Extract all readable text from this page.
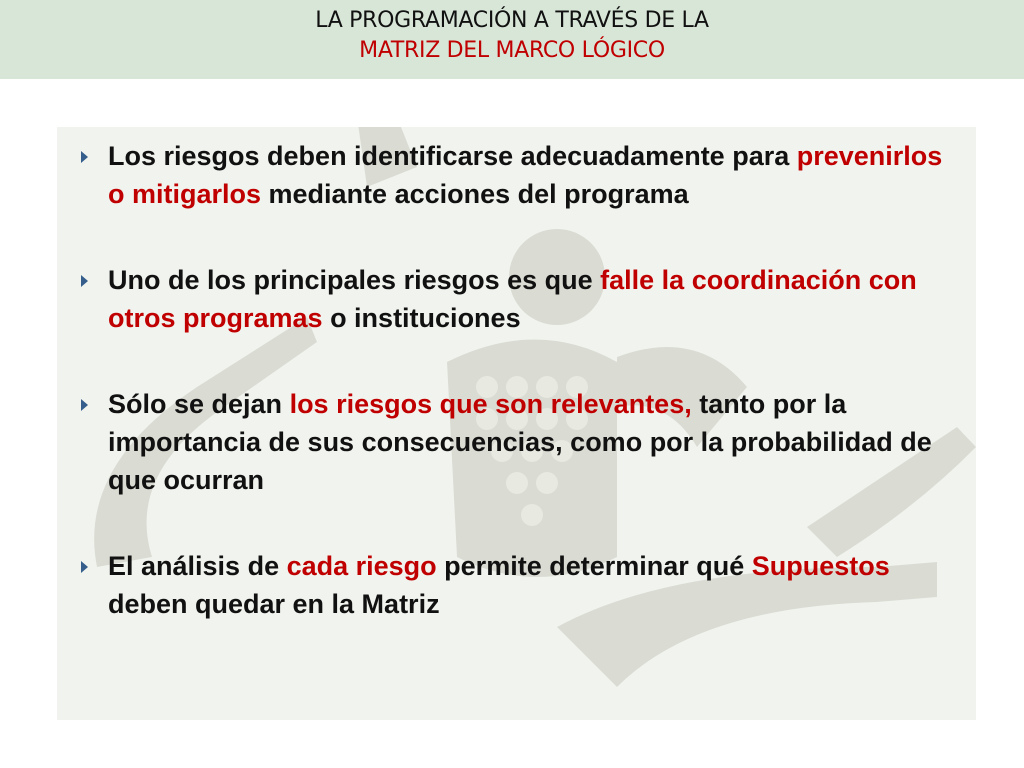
LA PROGRAMACIÓN A TRAVÉS DE LA
MATRIZ DEL MARCO LÓGICO
Los riesgos deben identificarse adecuadamente para prevenirlos o mitigarlos mediante acciones del programa
Uno de los principales riesgos es que falle la coordinación con otros programas o instituciones
Sólo se dejan los riesgos que son relevantes, tanto por la importancia de sus consecuencias, como por la probabilidad de que ocurran
El análisis de cada riesgo permite determinar qué Supuestos deben quedar en la Matriz
